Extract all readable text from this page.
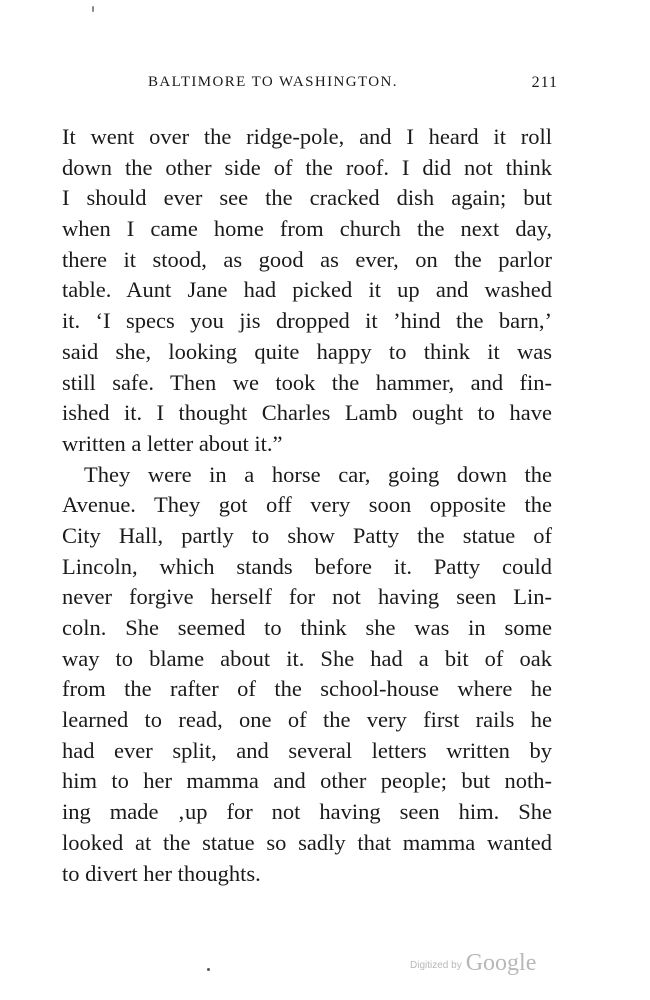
BALTIMORE TO WASHINGTON.	211
It went over the ridge-pole, and I heard it roll
down the other side of the roof. I did not think
I should ever see the cracked dish again; but
when I came home from church the next day,
there it stood, as good as ever, on the parlor
table. Aunt Jane had picked it up and washed
it. ‘I specs you jis dropped it ’hind the barn,’
said she, looking quite happy to think it was
still safe. Then we took the hammer, and fin-
ished it. I thought Charles Lamb ought to have
written a letter about it.”
They were in a horse car, going down the
Avenue. They got off very soon opposite the
City Hall, partly to show Patty the statue of
Lincoln, which stands before it. Patty could
never forgive herself for not having seen Lin-
coln. She seemed to think she was in some
way to blame about it. She had a bit of oak
from the rafter of the school-house where he
learned to read, one of the very first rails he
had ever split, and several letters written by
him to her mamma and other people; but noth-
ing made ‚up for not having seen him. She
looked at the statue so sadly that mamma wanted
to divert her thoughts.
Digitized by Google
